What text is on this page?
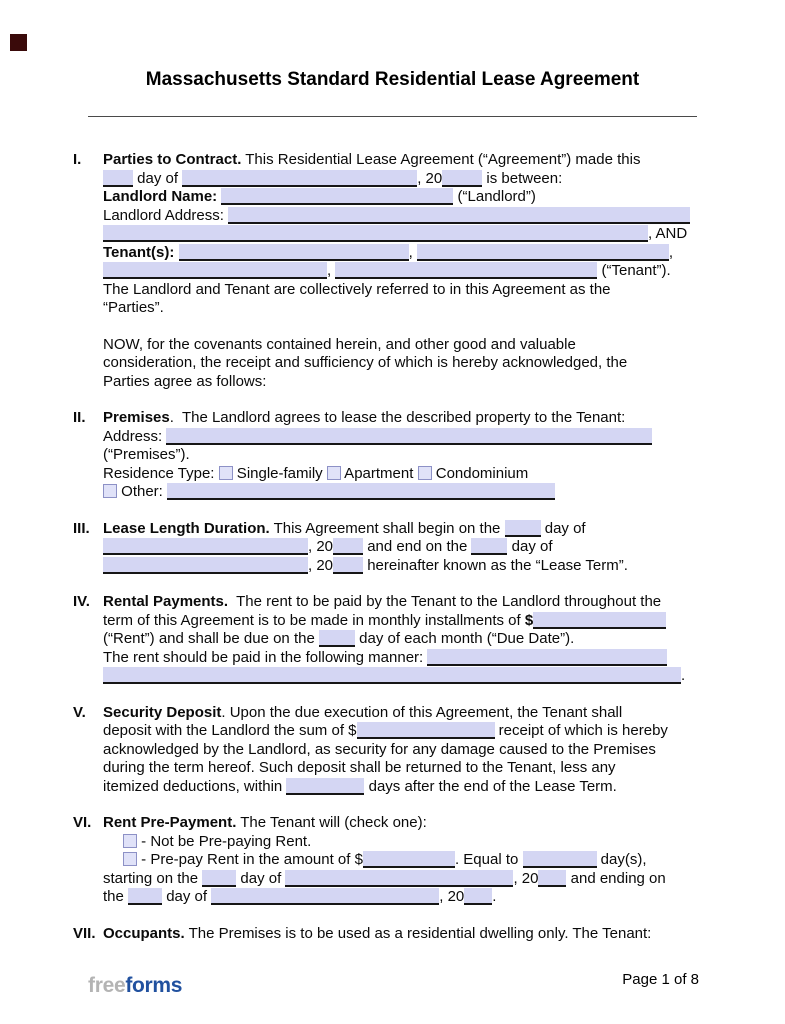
Massachusetts Standard Residential Lease Agreement
I. Parties to Contract. This Residential Lease Agreement (“Agreement”) made this
day of	, 20	is between:
Landlord Name:	(“Landlord”)
Landlord Address:
, AND
Tenant(s):	,	,
,	(“Tenant”).
The Landlord and Tenant are collectively referred to in this Agreement as the
“Parties”.
NOW, for the covenants contained herein, and other good and valuable
consideration, the receipt and sufficiency of which is hereby acknowledged, the
Parties agree as follows:
II. Premises.  The Landlord agrees to lease the described property to the Tenant:
Address:
(“Premises”).
Residence Type:  Single-family  Apartment  Condominium
Other:
III. Lease Length Duration. This Agreement shall begin on the  day of
, 20 and end on the  day of
, 20 hereinafter known as the “Lease Term”.
IV. Rental Payments.  The rent to be paid by the Tenant to the Landlord throughout the
term of this Agreement is to be made in monthly installments of $
(“Rent”) and shall be due on the  day of each month (“Due Date”).
The rent should be paid in the following manner:
.
V. Security Deposit. Upon the due execution of this Agreement, the Tenant shall
deposit with the Landlord the sum of $	receipt of which is hereby
acknowledged by the Landlord, as security for any damage caused to the Premises
during the term hereof. Such deposit shall be returned to the Tenant, less any
itemized deductions, within	days after the end of the Lease Term.
VI. Rent Pre-Payment. The Tenant will (check one):
- Not be Pre-paying Rent.
- Pre-pay Rent in the amount of $	. Equal to	day(s),
starting on the  day of	, 20 and ending on
the  day of	, 20 .
VII. Occupants. The Premises is to be used as a residential dwelling only. The Tenant:
freeforms	Page 1 of 8
